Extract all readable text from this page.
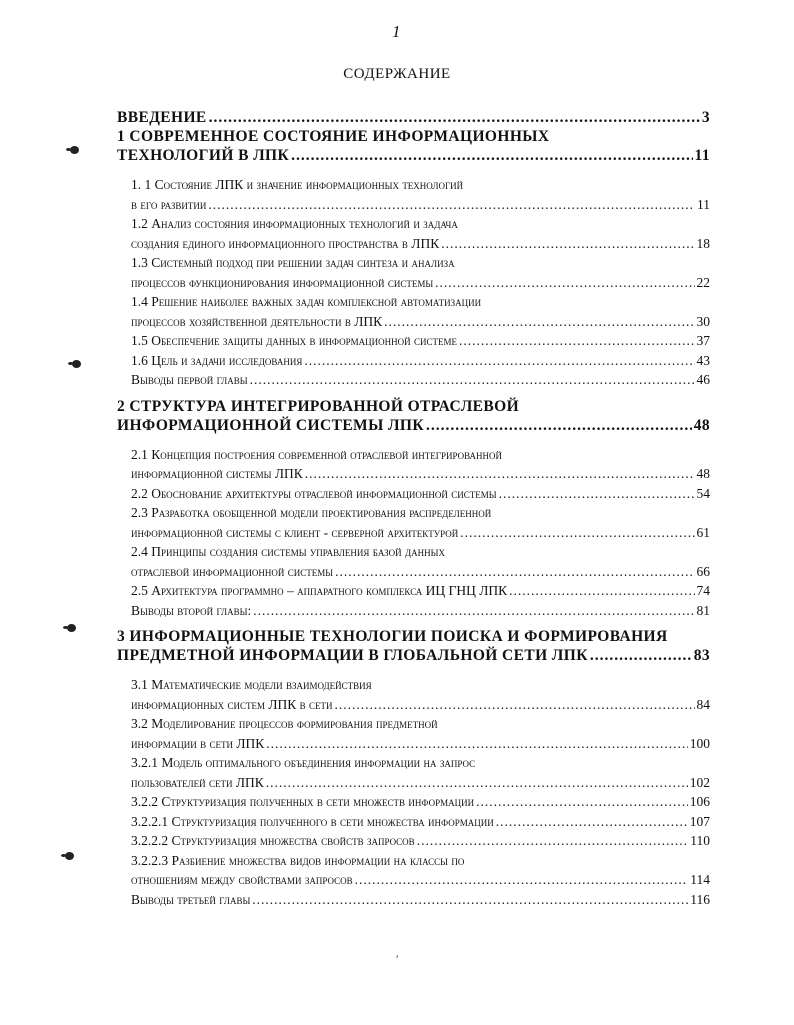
1
СОДЕРЖАНИЕ
ВВЕДЕНИЕ .....	3
1 СОВРЕМЕННОЕ СОСТОЯНИЕ ИНФОРМАЦИОННЫХ
ТЕХНОЛОГИЙ В ЛПК .....	11
1. 1 Состояние ЛПК и значение информационных технологий
в его развитии .....	11
1.2 Анализ состояния информационных технологий и задача
создания единого информационного пространства в ЛПК .....	18
1.3 Системный подход при решении задач синтеза и анализа
процессов функционирования информационной системы .....	22
1.4 Решение наиболее важных задач комплексной автоматизации
процессов хозяйственной деятельности в ЛПК .....	30
1.5 Обеспечение защиты данных в информационной системе .....	37
1.6 Цель и задачи исследования .....	43
Выводы первой главы .....	46
2 СТРУКТУРА ИНТЕГРИРОВАННОЙ ОТРАСЛЕВОЙ
ИНФОРМАЦИОННОЙ СИСТЕМЫ ЛПК .....	48
2.1 Концепция построения современной отраслевой интегрированной
информационной системы ЛПК .....	48
2.2 Обоснование архитектуры отраслевой информационной системы .....	54
2.3 Разработка обобщенной модели проектирования распределенной
информационной системы с клиент - серверной архитектурой .....	61
2.4 Принципы создания системы управления базой данных
отраслевой информационной системы .....	66
2.5 Архитектура программно – аппаратного комплекса ИЦ ГНЦ ЛПК .....	74
Выводы второй главы: .....	81
3 ИНФОРМАЦИОННЫЕ ТЕХНОЛОГИИ ПОИСКА И ФОРМИРОВАНИЯ
ПРЕДМЕТНОЙ ИНФОРМАЦИИ В ГЛОБАЛЬНОЙ СЕТИ ЛПК .....	83
3.1 Математические модели взаимодействия
информационных систем ЛПК в сети .....	84
3.2 Моделирование процессов формирования предметной
информации в сети ЛПК .....	100
3.2.1 Модель оптимального объединения информации на запрос
пользователей сети ЛПК .....	102
3.2.2 Структуризация полученных в сети множеств информации .....	106
3.2.2.1 Структуризация полученного в сети множества информации .....	107
3.2.2.2 Структуризация множества свойств запросов .....	110
3.2.2.3 Разбиение множества видов информации на классы по
отношениям между свойствами запросов .....	114
Выводы третьей главы .....	116
′
